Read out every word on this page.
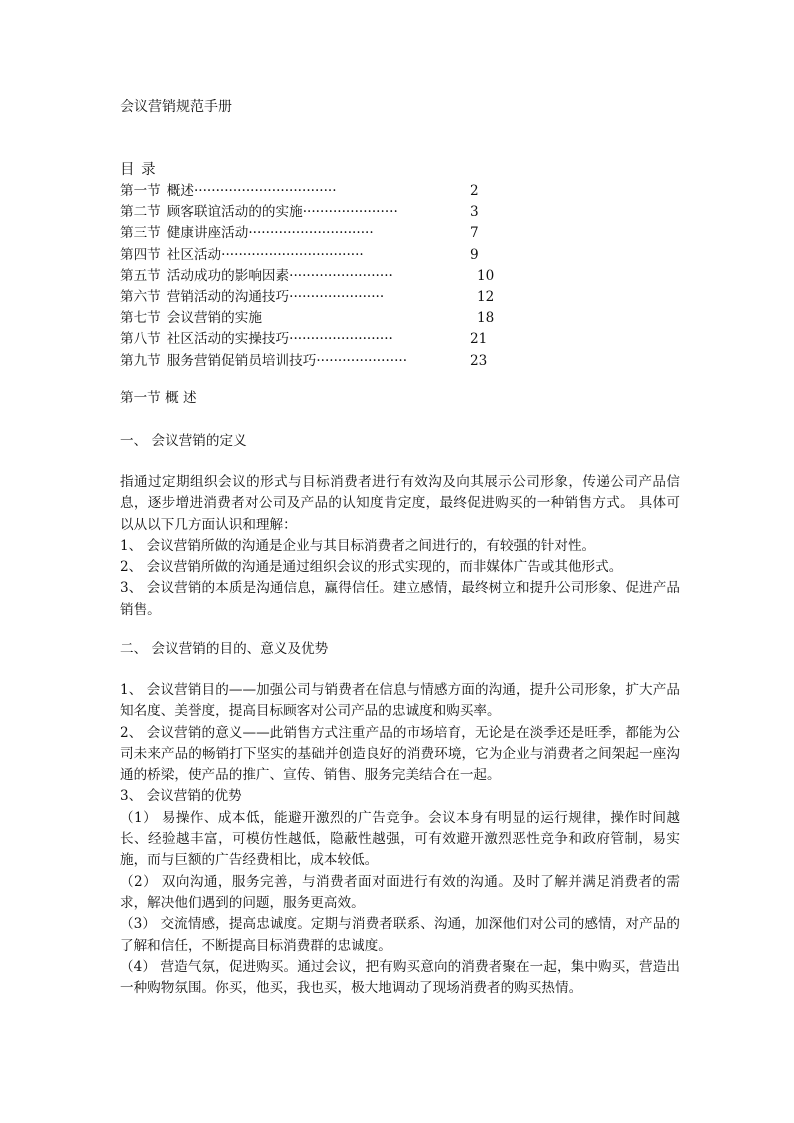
会议营销规范手册
目 录
第一节 概述·································	2
第二节 顾客联谊活动的的实施······················	3
第三节 健康讲座活动·····························	7
第四节 社区活动·································	9
第五节 活动成功的影响因素························	10
第六节 营销活动的沟通技巧······················	12
第七节 会议营销的实施	18
第八节 社区活动的实操技巧························	21
第九节 服务营销促销员培训技巧·····················	23
第一节 概 述
一、 会议营销的定义

指通过定期组织会议的形式与目标消费者进行有效沟及向其展示公司形象，传递公司产品信息，逐步增进消费者对公司及产品的认知度肯定度，最终促进购买的一种销售方式。 具体可以从以下几方面认识和理解：

1、 会议营销所做的沟通是企业与其目标消费者之间进行的，有较强的针对性。

2、 会议营销所做的沟通是通过组织会议的形式实现的，而非媒体广告或其他形式。

3、 会议营销的本质是沟通信息，赢得信任。建立感情，最终树立和提升公司形象、促进产品销售。

二、 会议营销的目的、意义及优势

1、 会议营销目的——加强公司与销费者在信息与情感方面的沟通，提升公司形象，扩大产品知名度、美誉度，提高目标顾客对公司产品的忠诚度和购买率。

2、 会议营销的意义——此销售方式注重产品的市场培育，无论是在淡季还是旺季，都能为公司未来产品的畅销打下坚实的基础并创造良好的消费环境，它为企业与消费者之间架起一座沟通的桥梁，使产品的推广、宣传、销售、服务完美结合在一起。

3、 会议营销的优势

（1） 易操作、成本低，能避开激烈的广告竞争。会议本身有明显的运行规律，操作时间越长、经验越丰富，可模仿性越低，隐蔽性越强，可有效避开激烈恶性竞争和政府管制，易实施，而与巨额的广告经费相比，成本较低。

（2） 双向沟通，服务完善，与消费者面对面进行有效的沟通。及时了解并满足消费者的需求，解决他们遇到的问题，服务更高效。

（3） 交流情感，提高忠诚度。定期与消费者联系、沟通，加深他们对公司的感情，对产品的了解和信任，不断提高目标消费群的忠诚度。

（4） 营造气氛，促进购买。通过会议，把有购买意向的消费者聚在一起，集中购买，营造出一种购物氛围。你买，他买，我也买，极大地调动了现场消费者的购买热情。
